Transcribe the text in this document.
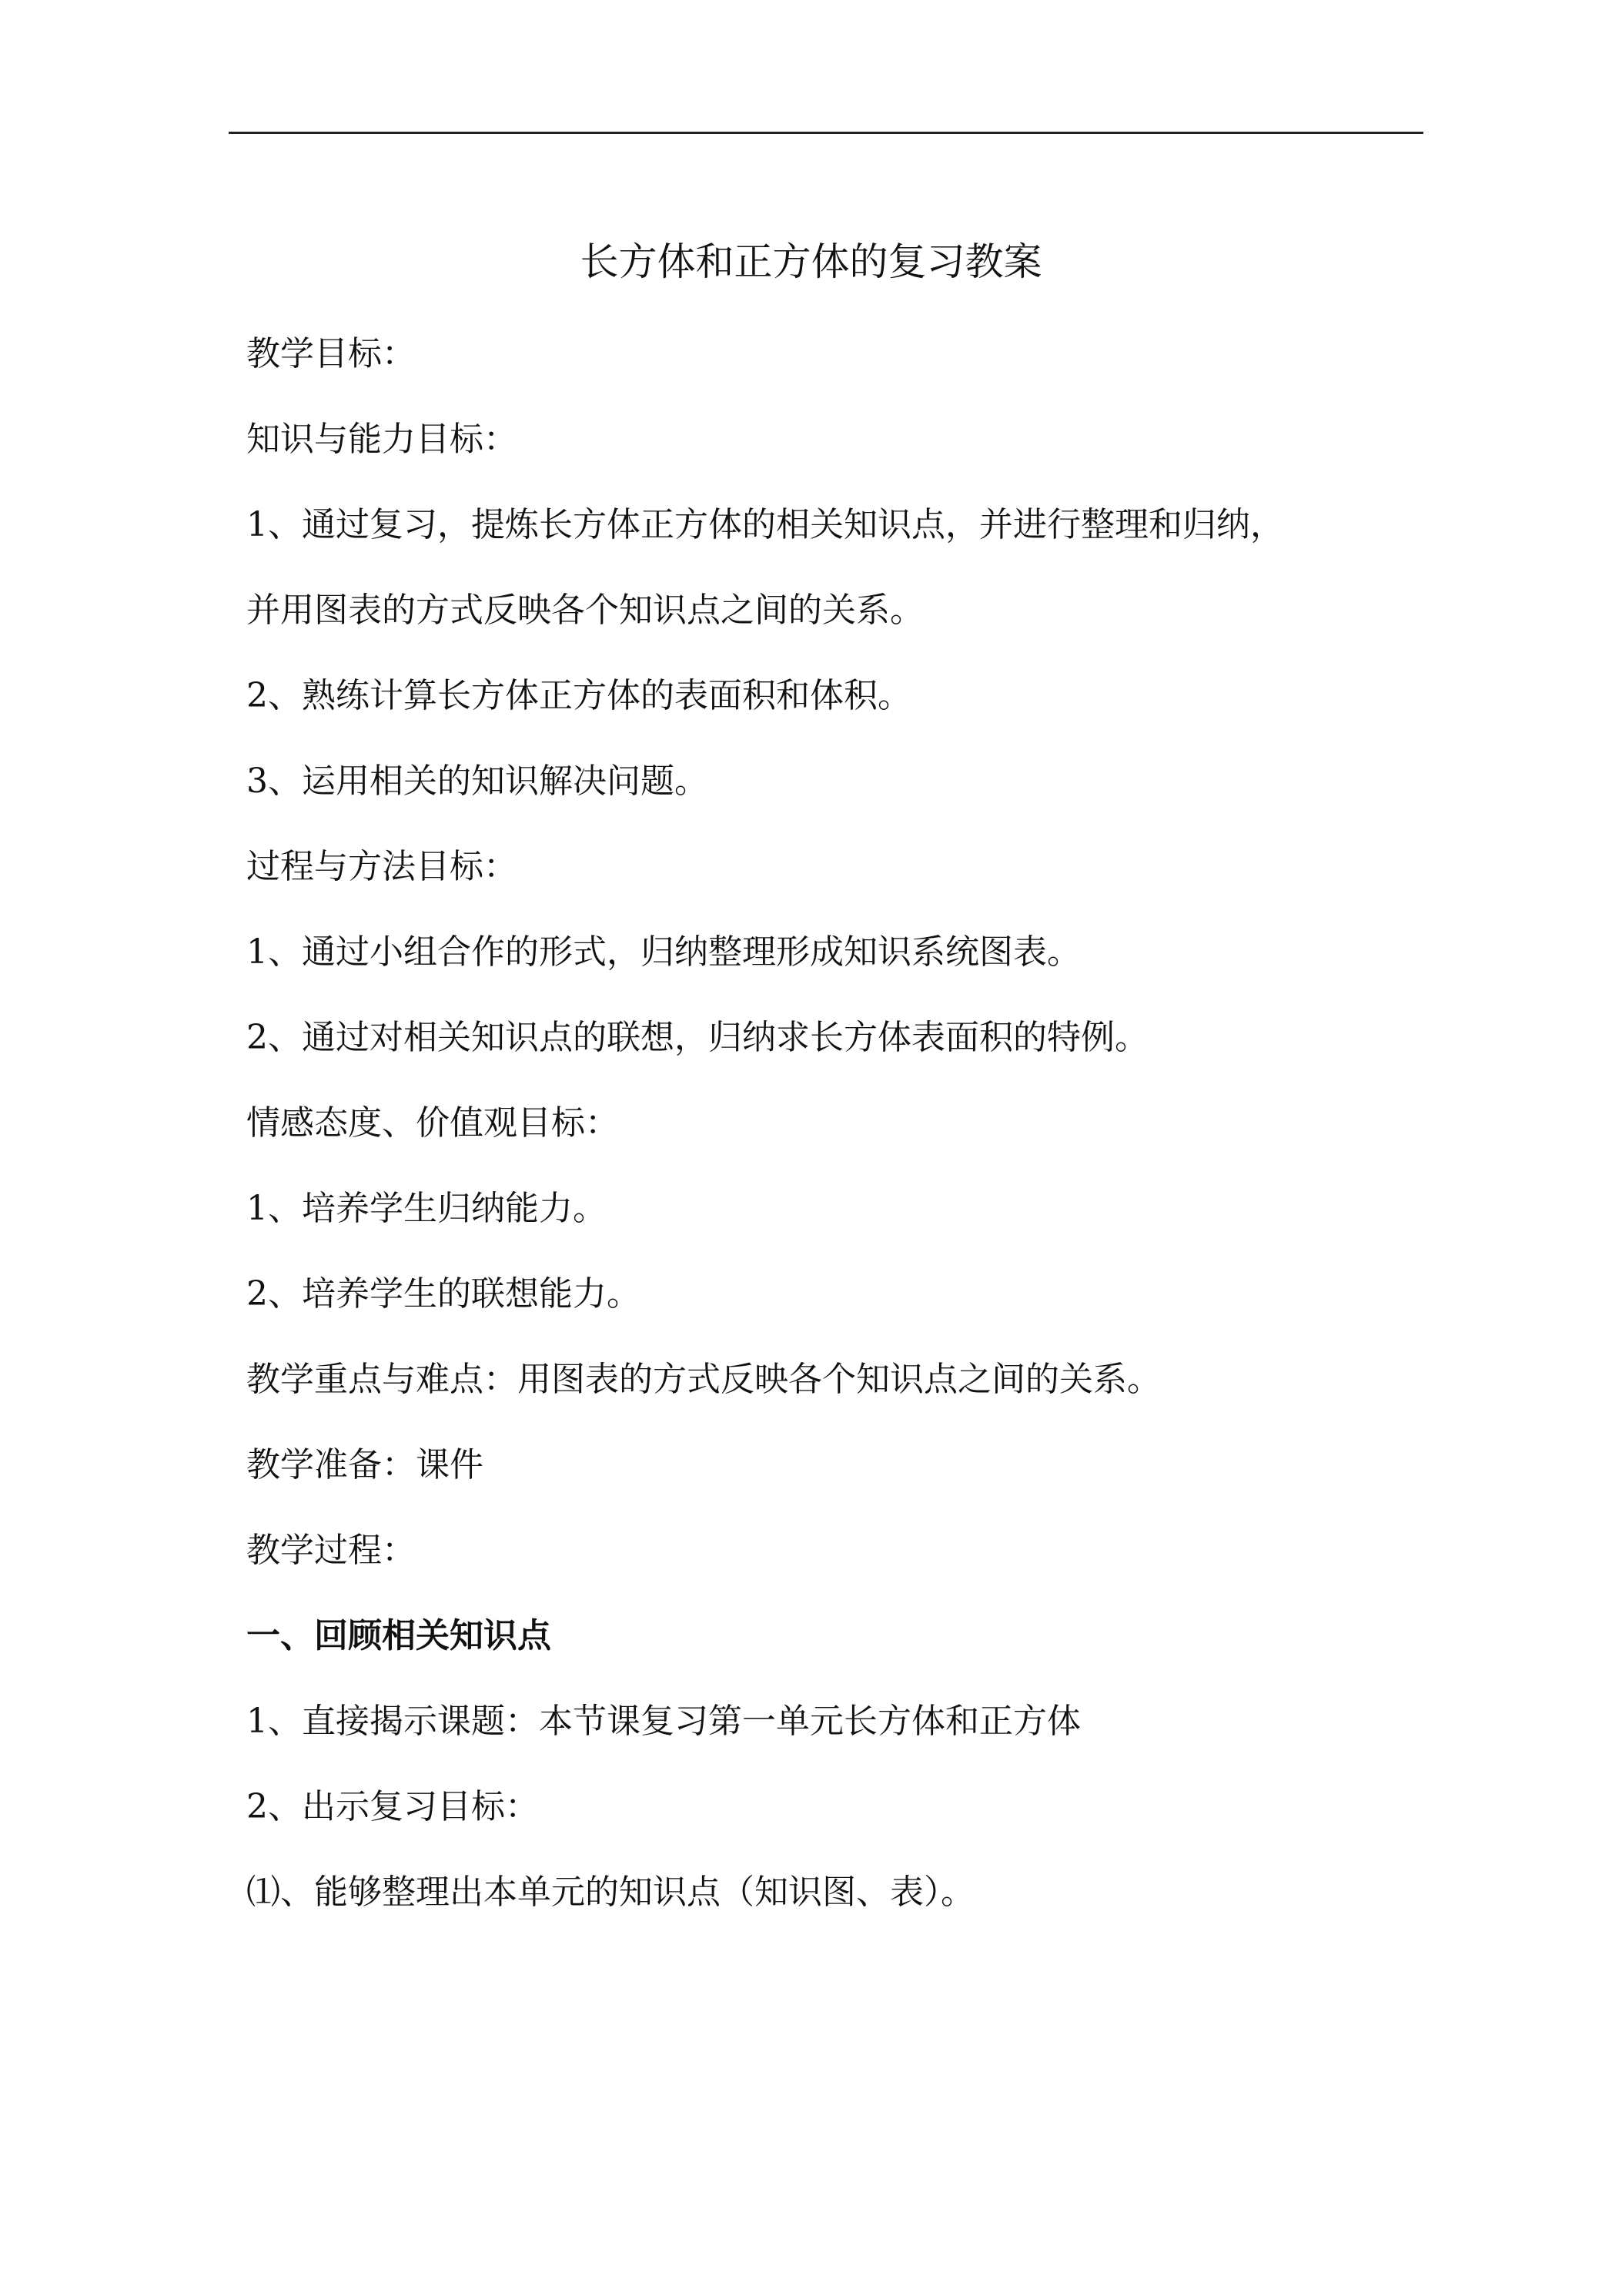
长方体和正方体的复习教案
教学目标：
知识与能力目标：
1、通过复习，提炼长方体正方体的相关知识点，并进行整理和归纳，
并用图表的方式反映各个知识点之间的关系。
2、熟练计算长方体正方体的表面积和体积。
3、运用相关的知识解决问题。
过程与方法目标：
1、通过小组合作的形式，归纳整理形成知识系统图表。
2、通过对相关知识点的联想，归纳求长方体表面积的特例。
情感态度、价值观目标：
1、培养学生归纳能力。
2、培养学生的联想能力。
教学重点与难点：用图表的方式反映各个知识点之间的关系。
教学准备：课件
教学过程：
一、回顾相关知识点
1、直接揭示课题：本节课复习第一单元长方体和正方体
2、出示复习目标：
⑴、能够整理出本单元的知识点（知识图、表）。
